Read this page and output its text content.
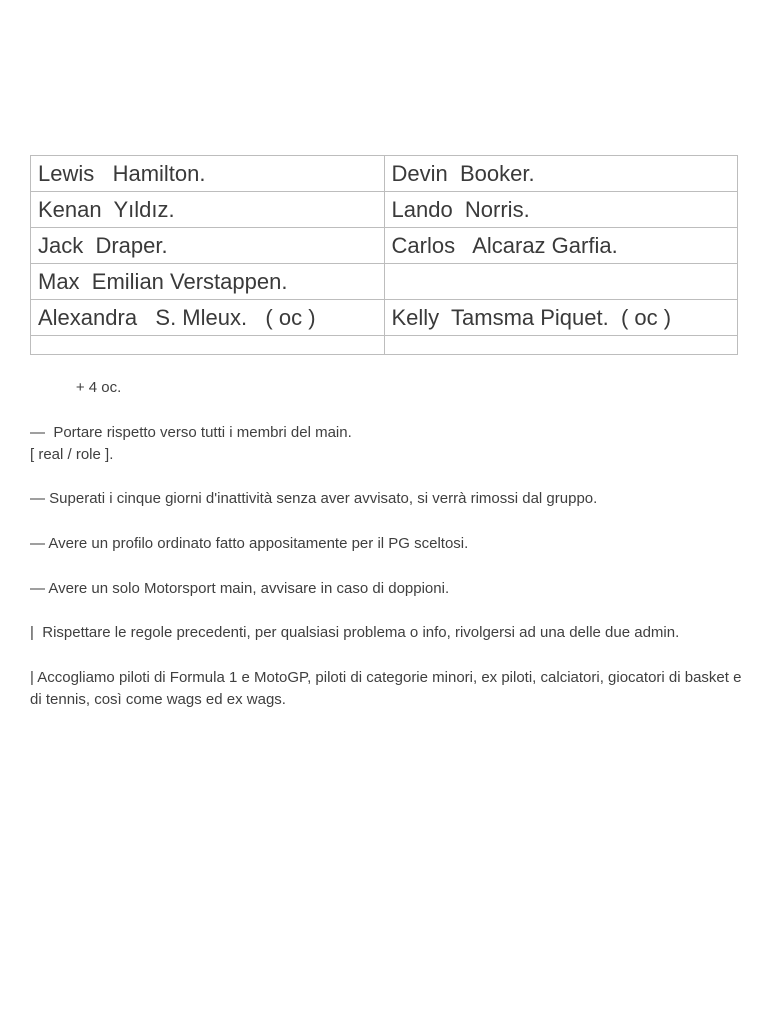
Lewis   Hamilton.	Devin  Booker.
Kenan  Yıldız.	Lando  Norris.
Jack  Draper.	Carlos   Alcaraz Garfia.
Max  Emilian Verstappen.	
Alexandra   S. Mleux.   ( oc )	Kelly  Tamsma Piquet.  ( oc )

+ 4 oc.

—  Portare rispetto verso tutti i membri del main.

[ real / role ].

— Superati i cinque giorni d'inattività senza aver avvisato, si verrà rimossi dal gruppo.

— Avere un profilo ordinato fatto appositamente per il PG sceltosi.

— Avere un solo Motorsport main, avvisare in caso di doppioni.

|  Rispettare le regole precedenti, per qualsiasi problema o info, rivolgersi ad una delle due admin.

| Accogliamo piloti di Formula 1 e MotoGP, piloti di categorie minori, ex piloti, calciatori, giocatori di basket e di tennis, così come wags ed ex wags.
